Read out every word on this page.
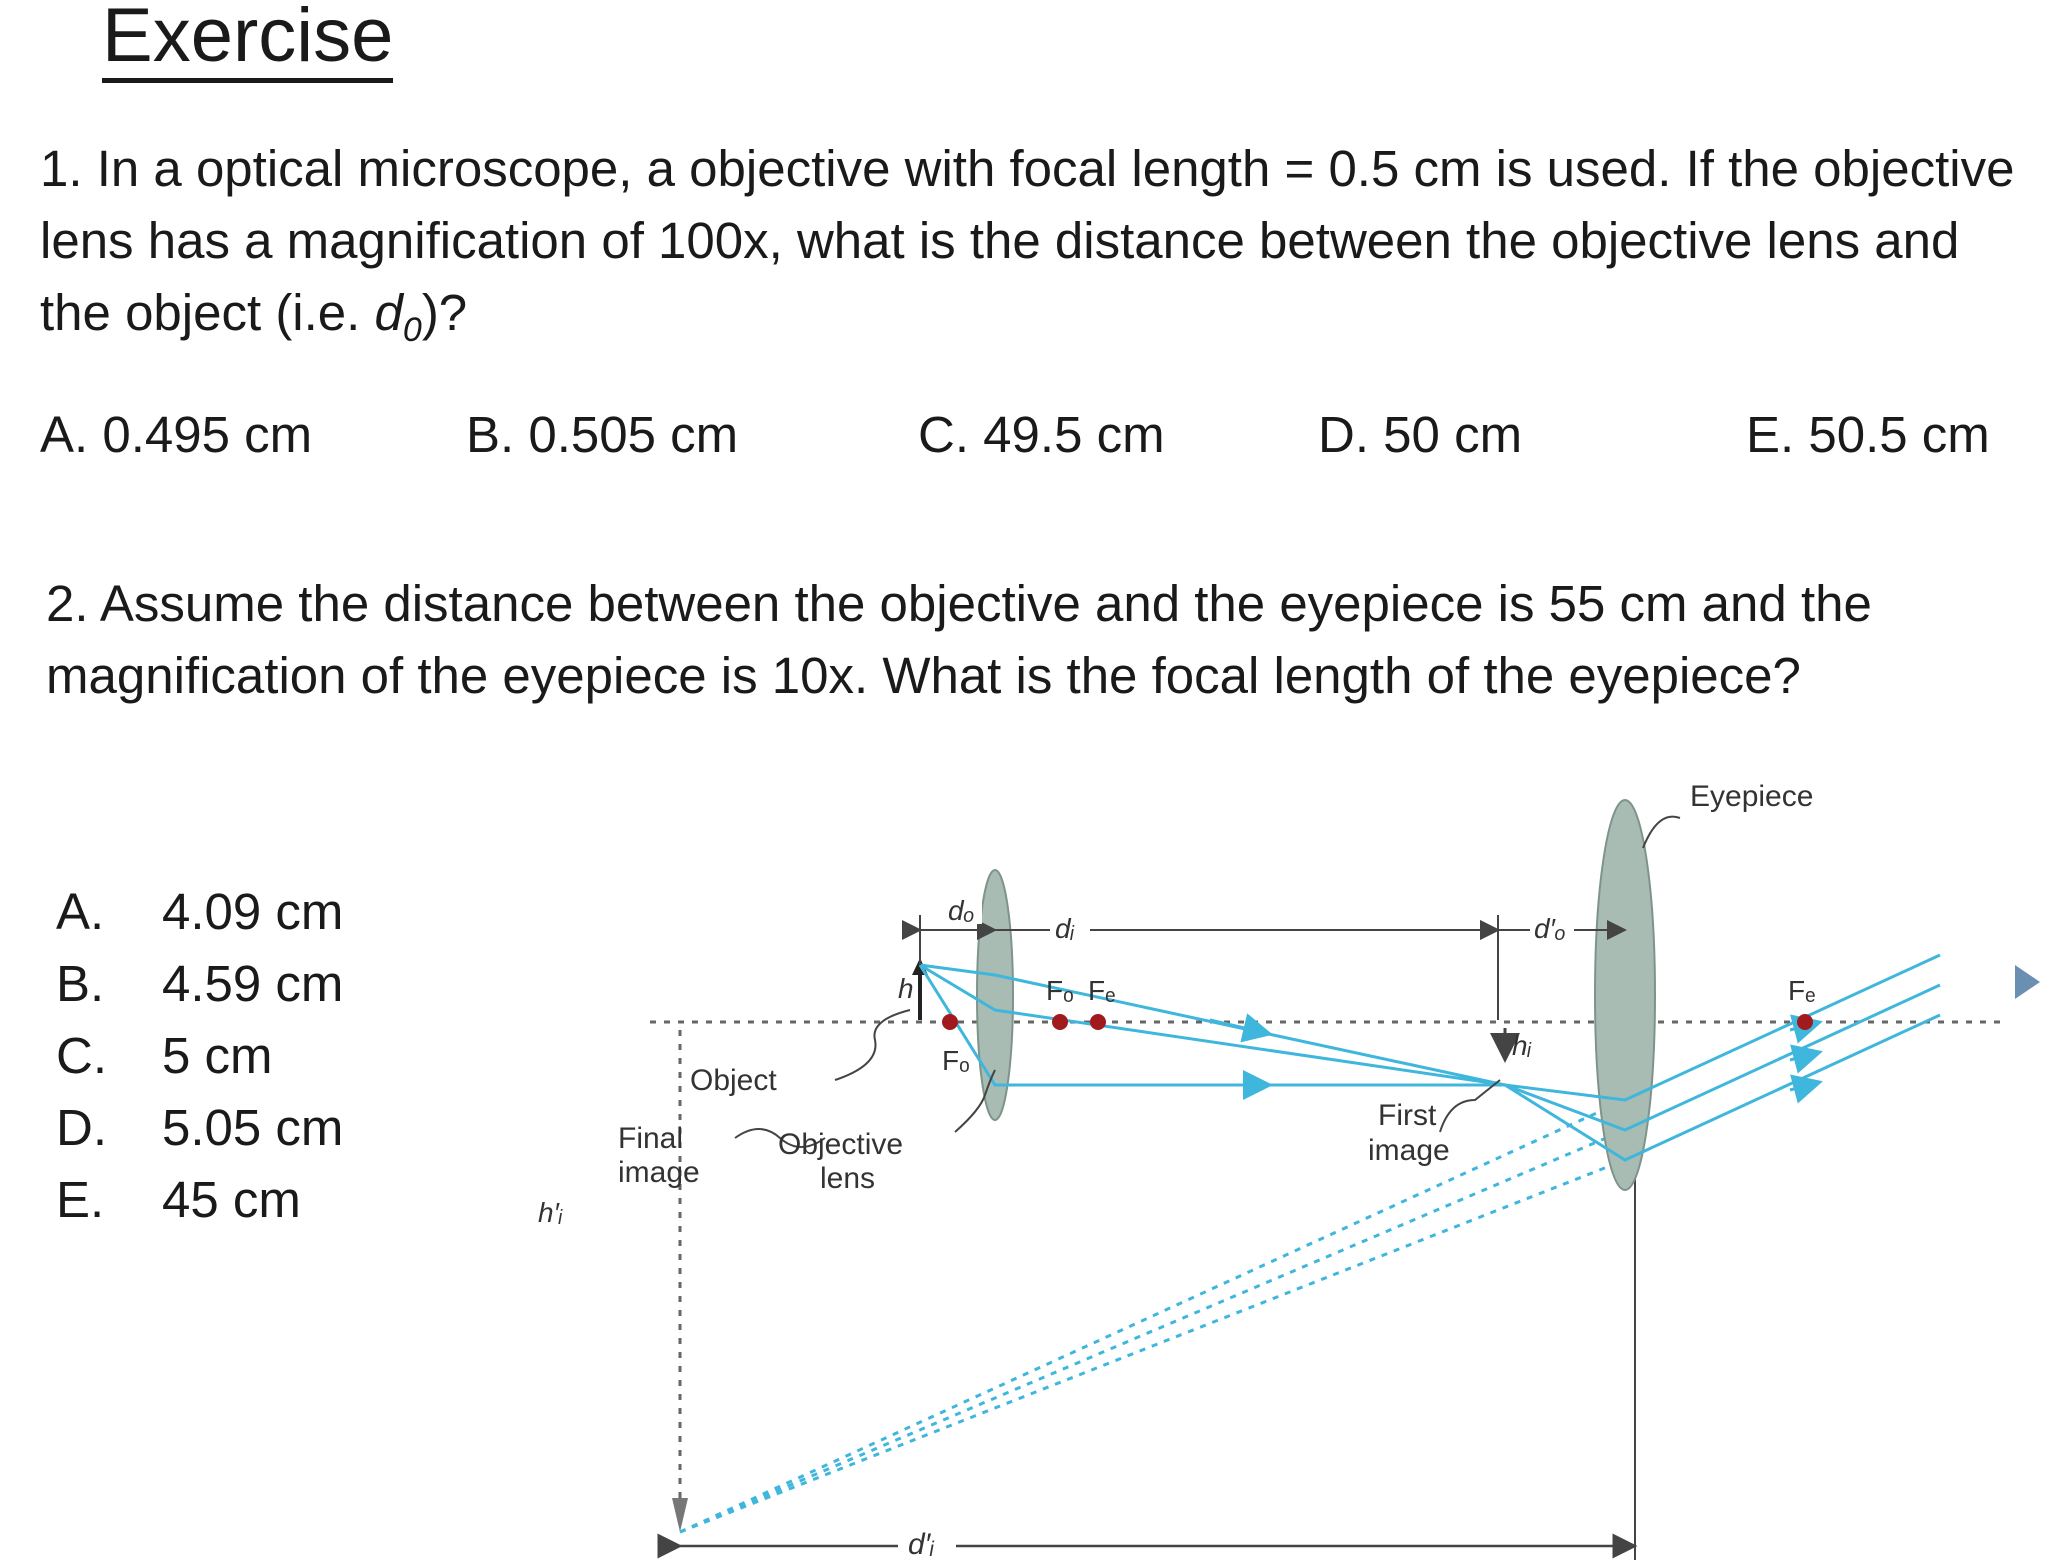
Exercise
1. In a optical microscope, a objective with focal length = 0.5 cm is used. If the objective lens has a magnification of 100x, what is the distance between the objective lens and the object (i.e. $d_0$)?
A. 0.495 cm	B. 0.505 cm	C. 49.5 cm	D. 50 cm	E. 50.5 cm
2. Assume the distance between the objective and the eyepiece is 55 cm and the magnification of the eyepiece is 10x. What is the focal length of the eyepiece?
A.	4.09 cm
B.	4.59 cm
C.	5 cm
D.	5.05 cm
E.	45 cm
d′ᵢ
h
hᵢ
Fₒ
Fₒ Fₑ	Fₑ
dₒ
dᵢ	d′ₒ
Eyepiece
Object
Final
image
h′ᵢ
Objective
lens
First
image
